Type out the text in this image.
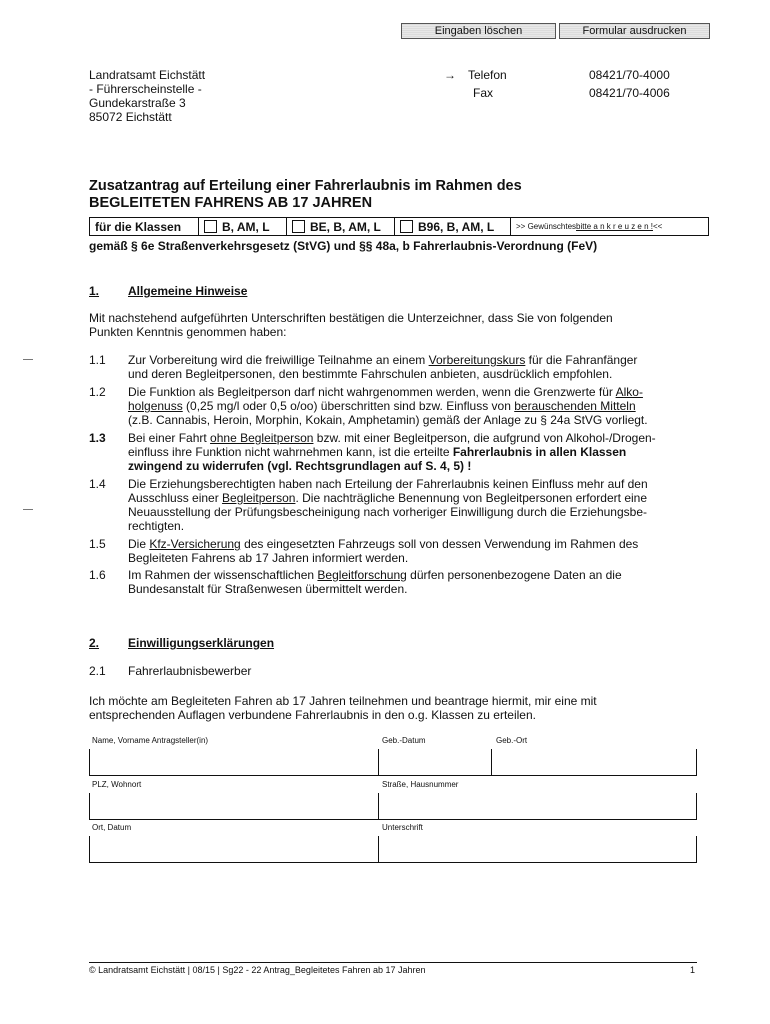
Eingaben löschen	Formular ausdrucken
Landratsamt Eichstätt
- Führerscheinstelle -
Gundekarstraße 3
85072 Eichstätt
→ Telefon	08421/70-4000
Fax	08421/70-4006
Zusatzantrag auf Erteilung einer Fahrerlaubnis im Rahmen des
BEGLEITETEN FAHRENS AB 17 JAHREN
für die Klassen	B, AM, L	BE, B, AM, L	B96, B, AM, L	>> Gewünschtes bitte a n k r e u z e n ! <<
gemäß § 6e Straßenverkehrsgesetz (StVG) und §§ 48a, b Fahrerlaubnis-Verordnung (FeV)
1. Allgemeine Hinweise
Mit nachstehend aufgeführten Unterschriften bestätigen die Unterzeichner, dass Sie von folgenden
Punkten Kenntnis genommen haben:
1.1	Zur Vorbereitung wird die freiwillige Teilnahme an einem Vorbereitungskurs für die Fahranfänger
und deren Begleitpersonen, den bestimmte Fahrschulen anbieten, ausdrücklich empfohlen.
1.2	Die Funktion als Begleitperson darf nicht wahrgenommen werden, wenn die Grenzwerte für Alko-
holgenuss (0,25 mg/l oder 0,5 o/oo) überschritten sind bzw. Einfluss von berauschenden Mitteln
(z.B. Cannabis, Heroin, Morphin, Kokain, Amphetamin) gemäß der Anlage zu § 24a StVG vorliegt.
1.3	Bei einer Fahrt ohne Begleitperson bzw. mit einer Begleitperson, die aufgrund von Alkohol-/Drogen-
einfluss ihre Funktion nicht wahrnehmen kann, ist die erteilte Fahrerlaubnis in allen Klassen
zwingend zu widerrufen (vgl. Rechtsgrundlagen auf S. 4, 5) !
1.4	Die Erziehungsberechtigten haben nach Erteilung der Fahrerlaubnis keinen Einfluss mehr auf den
Ausschluss einer Begleitperson. Die nachträgliche Benennung von Begleitpersonen erfordert eine
Neuausstellung der Prüfungsbescheinigung nach vorheriger Einwilligung durch die Erziehungsbe-
rechtigten.
1.5	Die Kfz-Versicherung des eingesetzten Fahrzeugs soll von dessen Verwendung im Rahmen des
Begleiteten Fahrens ab 17 Jahren informiert werden.
1.6	Im Rahmen der wissenschaftlichen Begleitforschung dürfen personenbezogene Daten an die
Bundesanstalt für Straßenwesen übermittelt werden.
2. Einwilligungserklärungen
2.1 Fahrerlaubnisbewerber
Ich möchte am Begleiteten Fahren ab 17 Jahren teilnehmen und beantrage hiermit, mir eine mit
entsprechenden Auflagen verbundene Fahrerlaubnis in den o.g. Klassen zu erteilen.
Name, Vorname Antragsteller(in)	Geb.-Datum	Geb.-Ort
PLZ, Wohnort	Straße, Hausnummer
Ort, Datum	Unterschrift
© Landratsamt Eichstätt | 08/15 | Sg22 - 22 Antrag_Begleitetes Fahren ab 17 Jahren	1
